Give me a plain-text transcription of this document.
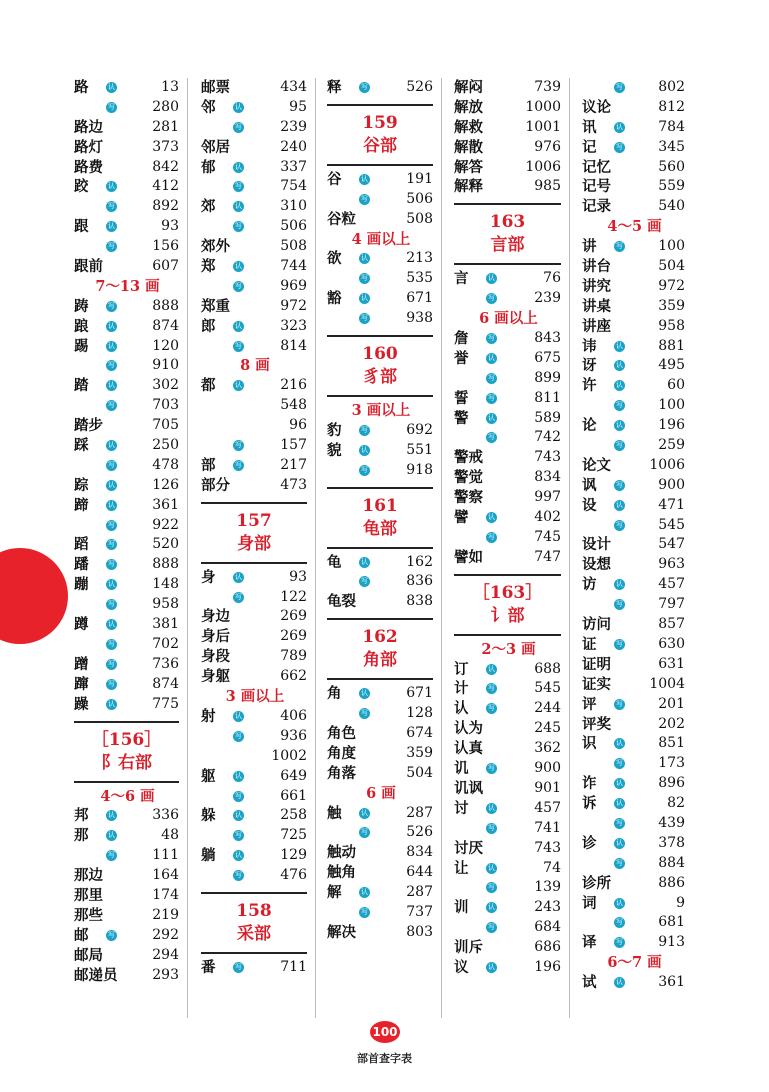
路	认	13
写	280
路边	281
路灯	373
路费	842
跤	认	412
写	892
跟	认	93
写	156
跟前	607
7～13 画
踌	写	888
踉	认	874
踢	认	120
写	910
踏	认	302
写	703
踏步	705
踩	认	250
写	478
踪	认	126
蹄	认	361
写	922
蹈	写	520
蹯	写	888
蹦	认	148
写	958
蹲	认	381
写	702
蹭	写	736
蹿	写	874
躁	认	775
［156］
阝右部
4～6 画
邦	认	336
那	认	48
写	111
那边	164
那里	174
那些	219
邮	写	292
邮局	294
邮递员 293
邮票	434
邻	认	95
写	239
邻居	240
郁	认	337
写	754
郊	认	310
写	506
郊外	508
郑	认	744
写	969
郑重	972
郎	认	323
写	814
8 画
都	认	216
548
96
写	157
部	写	217
部分	473
157
身部
身	认	93
写	122
身边	269
身后	269
身段	789
身躯	662
3 画以上
射	认	406
写	936
1002
躯	认	649
写	661
躲	认	258
写	725
躺	认	129
写	476
158
采部
番	写	711
释	写	526
159
谷部
谷	认	191
写	506
谷粒	508
4 画以上
欲	认	213
写	535
豁	认	671
写	938
160
豸部
3 画以上
豹	写	692
貌	认	551
写	918
161
龟部
龟	认	162
写	836
龟裂	838
162
角部
角	认	671
写	128
角色	674
角度	359
角落	504
6 画
触	认	287
写	526
触动	834
触角	644
解	认	287
写	737
解决	803
解闷	739
解放	1000
解救	1001
解散	976
解答	1006
解释	985
163
言部
言	认	76
写	239
6 画以上
詹	写	843
誉	认	675
写	899
誓	写	811
警	认	589
写	742
警戒	743
警觉	834
警察	997
譬	认	402
写	745
譬如	747
［163］
讠部
2～3 画
订	认	688
计	写	545
认	写	244
认为	245
认真	362
讥	写	900
讥讽	901
讨	认	457
写	741
讨厌	743
让	认	74
写	139
训	认	243
写	684
训斥	686
议	认	196
写	802
议论	812
讯	认	784
记	写	345
记忆	560
记号	559
记录	540
4～5 画
讲	写	100
讲台	504
讲究	972
讲桌	359
讲座	958
讳	认	881
讶	认	495
许	认	60
写	100
论	认	196
写	259
论文	1006
讽	写	900
设	认	471
写	545
设计	547
设想	963
访	认	457
写	797
访问	857
证	写	630
证明	631
证实	1004
评	写	201
评奖	202
识	认	851
写	173
诈	认	896
诉	认	82
写	439
诊	认	378
写	884
诊所	886
词	认	9
写	681
译	写	913
6～7 画
试	认	361
100
部首查字表
